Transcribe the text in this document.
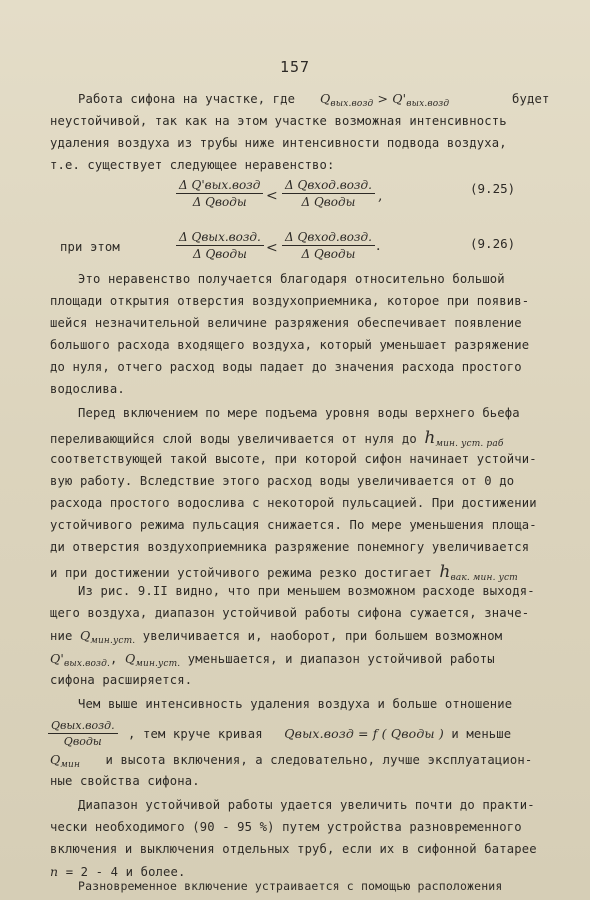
157
Работа сифона на участке, где $Q_{вых.возд} > Q'_{вых.возд}$	будет
неустойчивой, так как на этом участке возможная интенсивность
удаления воздуха из трубы ниже интенсивности подвода воздуха,
т.е. существует следующее неравенство:
Δ Q'вых.возд
Δ Qводы	<
Δ Qвход.возд.
Δ Qводы	,	(9.25)
при этом
Δ Qвых.возд.
Δ Qводы	<
Δ Qвход.возд.
Δ Qводы	.	(9.26)
Это неравенство получается благодаря относительно большой
площади открытия отверстия воздухоприемника, которое при появив-
шейся незначительной величине разряжения обеспечивает появление
большого расхода входящего воздуха, который уменьшает разряжение
до нуля, отчего расход воды падает до значения расхода простого
водослива.
Перед включением по мере подъема уровня воды верхнего бьефа
переливающийся слой воды увеличивается от нуля до $h_{мин. уст. раб}$
соответствующей такой высоте, при которой сифон начинает устойчи-
вую работу. Вследствие этого расход воды увеличивается от 0 до
расхода простого водослива с некоторой пульсацией. При достижении
устойчивого режима пульсация снижается. По мере уменьшения площа-
ди отверстия воздухоприемника разряжение понемногу увеличивается
и при достижении устойчивого режима резко достигает $h_{вак. мин. уст}$
Из рис. 9.II видно, что при меньшем возможном расходе выходя-
щего воздуха, диапазон устойчивой работы сифона сужается, значе-
ние $Q_{мин.уст.}$ увеличивается и, наоборот, при большем возможном
$Q'_{вых.возд.}$, $Q_{мин.уст.}$ уменьшается, и диапазон устойчивой работы
сифона расширяется.
Чем выше интенсивность удаления воздуха и больше отношение
Qвых.возд.
Qводы
, тем круче кривая Qвых.возд = f ( Qводы ) и меньше
$Q_{мин}$ и высота включения, а следовательно, лучше эксплуатацион-
ные свойства сифона.
Диапазон устойчивой работы удается увеличить почти до практи-
чески необходимого (90 - 95 %) путем устройства разновременного
включения и выключения отдельных труб, если их в сифонной батарее
n = 2 - 4 и более.
Разновременное включение устраивается с помощью расположения
